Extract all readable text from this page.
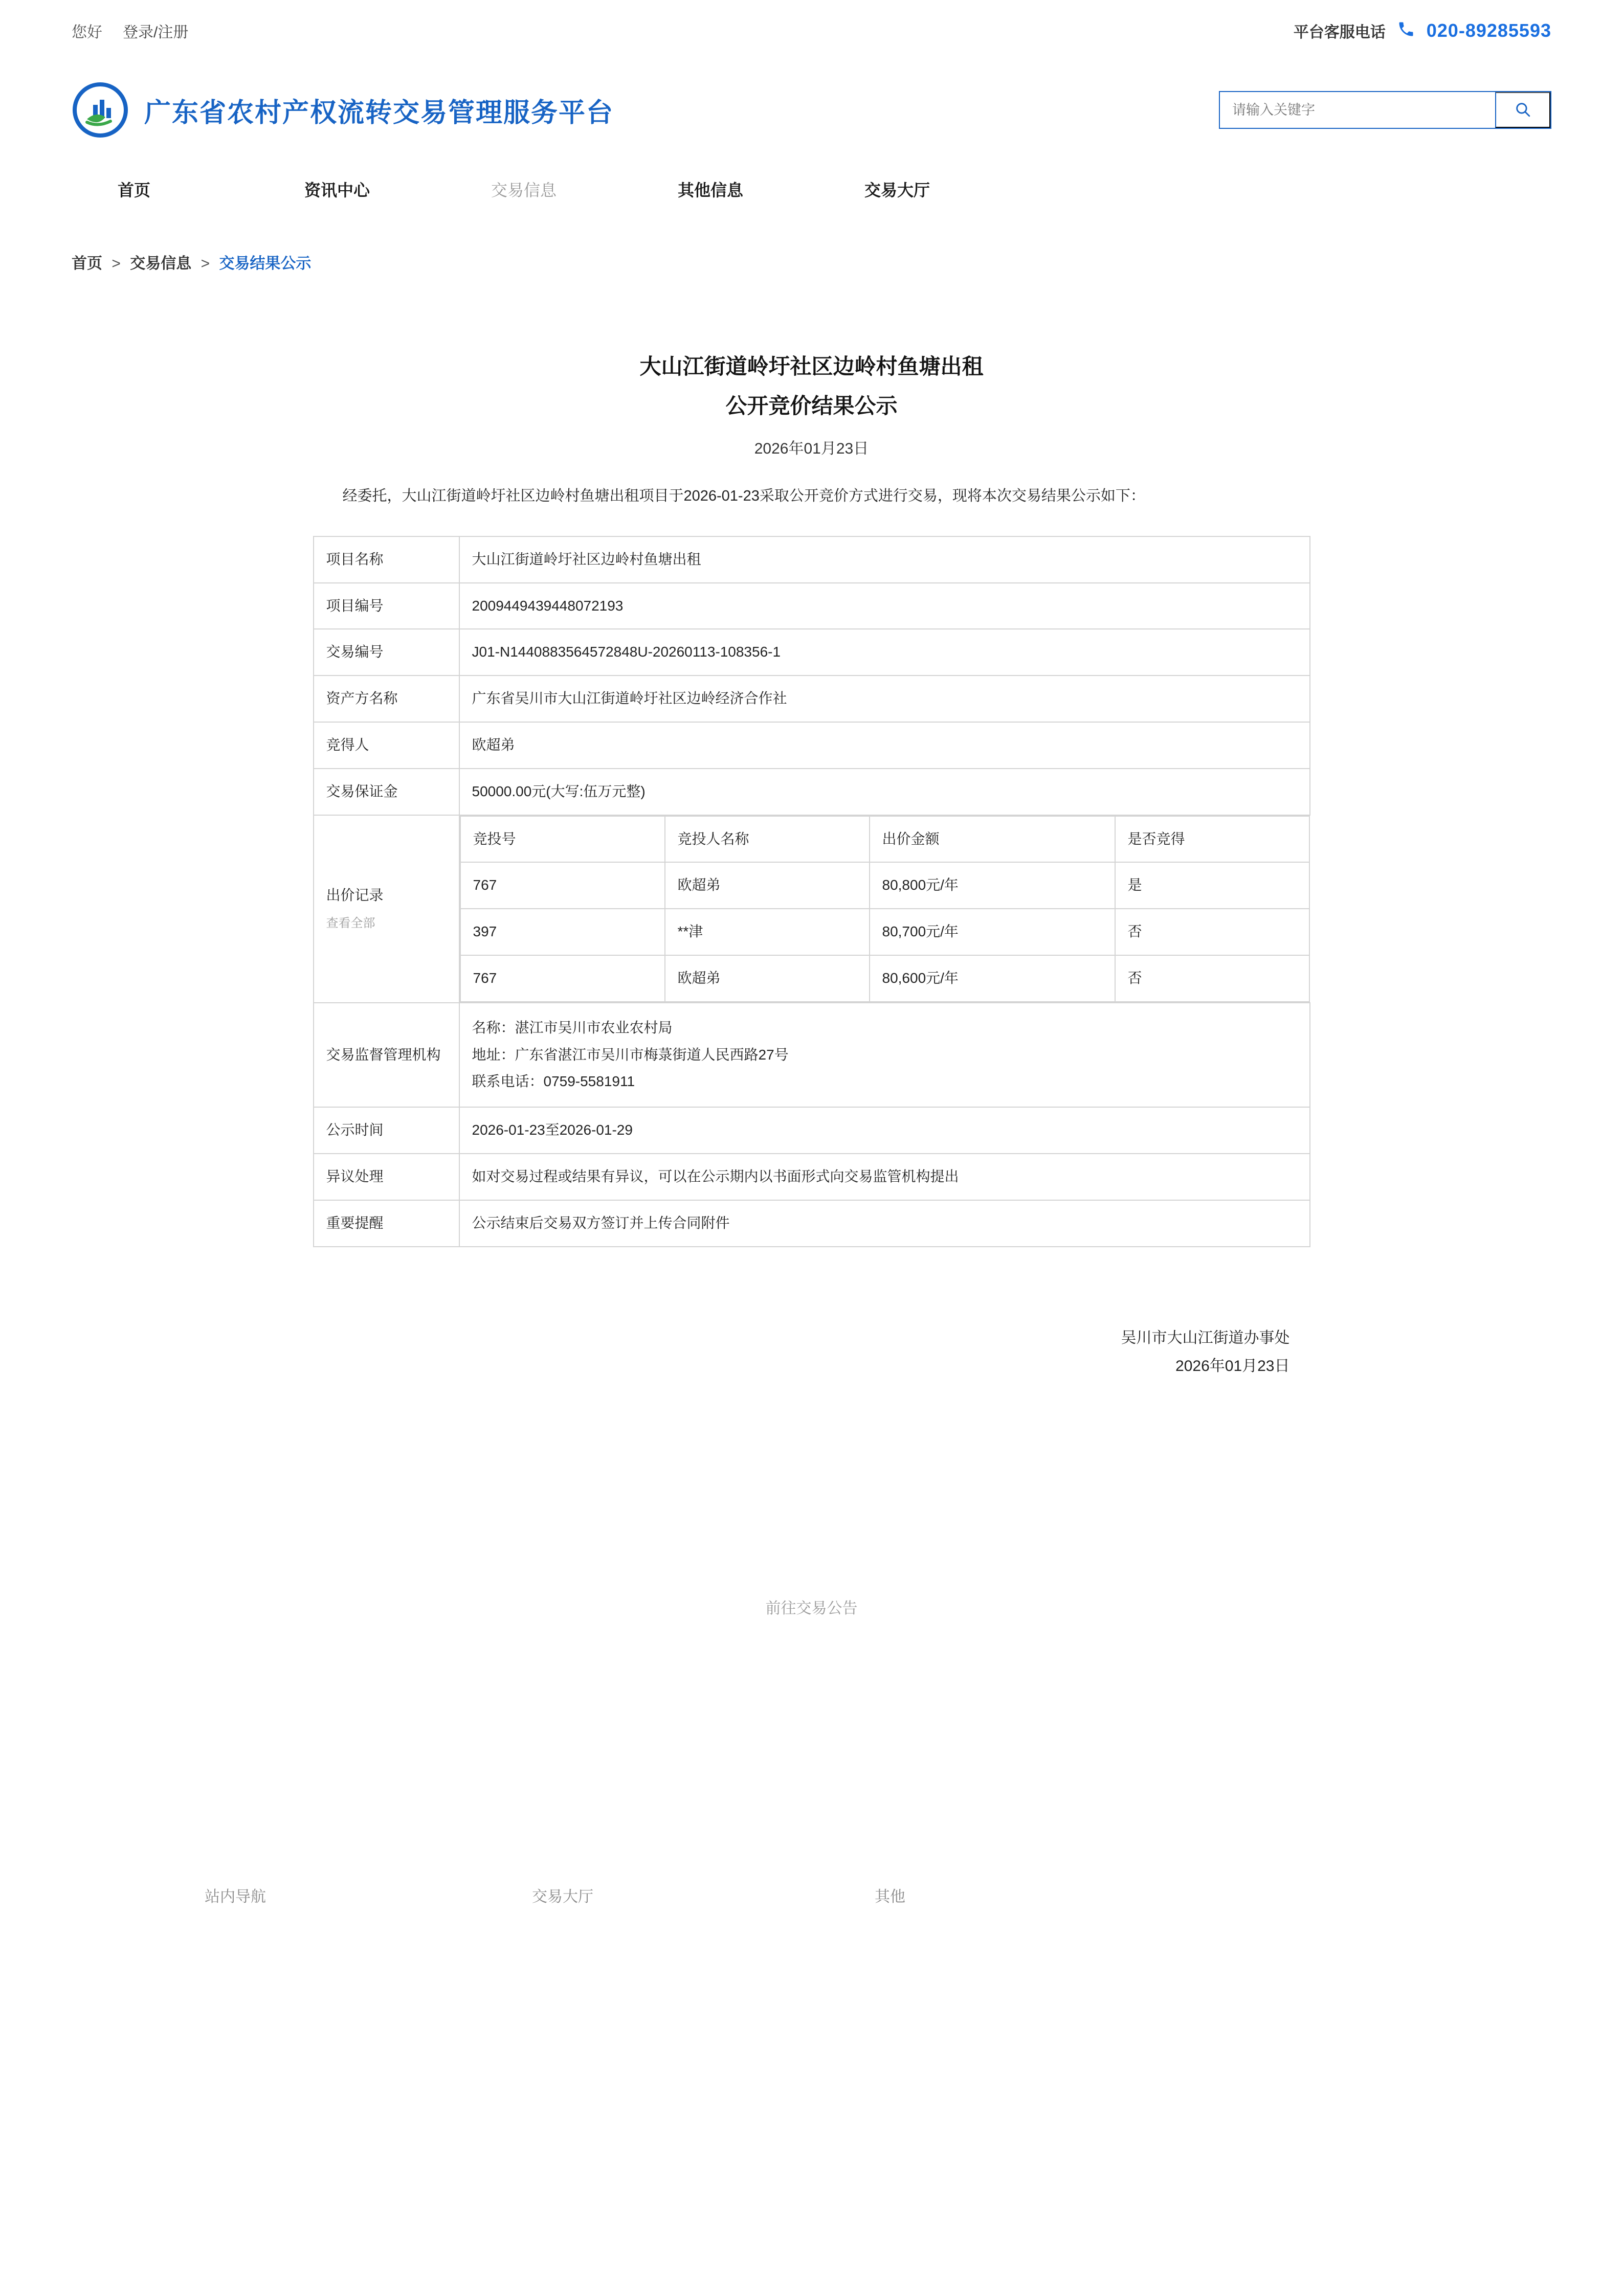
您好 登录/注册	平台客服电话 020-89285593
广东省农村产权流转交易管理服务平台
请输入关键字
首页	资讯中心	交易信息	其他信息	交易大厅
首页 > 交易信息 > 交易结果公示
大山江街道岭圩社区边岭村鱼塘出租
公开竞价结果公示
2026年01月23日

经委托，大山江街道岭圩社区边岭村鱼塘出租项目于2026-01-23采取公开竞价方式进行交易，现将本次交易结果公示如下：

项目名称	大山江街道岭圩社区边岭村鱼塘出租
项目编号	2009449439448072193
交易编号	J01-N1440883564572848U-20260113-108356-1
资产方名称	广东省吴川市大山江街道岭圩社区边岭经济合作社
竞得人	欧超弟
交易保证金	50000.00元(大写:伍万元整)
出价记录
查看全部

竞投号	竞投人名称	出价金额	是否竞得
767	欧超弟	80,800元/年	是
397	**津	80,700元/年	否
767	欧超弟	80,600元/年	否

交易监督管理机构	
名称：湛江市吴川市农业农村局
地址：广东省湛江市吴川市梅菉街道人民西路27号
联系电话：0759-5581911

公示时间	2026-01-23至2026-01-29
异议处理	如对交易过程或结果有异议，可以在公示期内以书面形式向交易监管机构提出
重要提醒	公示结束后交易双方签订并上传合同附件
吴川市大山江街道办事处
2026年01月23日
前往交易公告
站内导航	交易大厅	其他
